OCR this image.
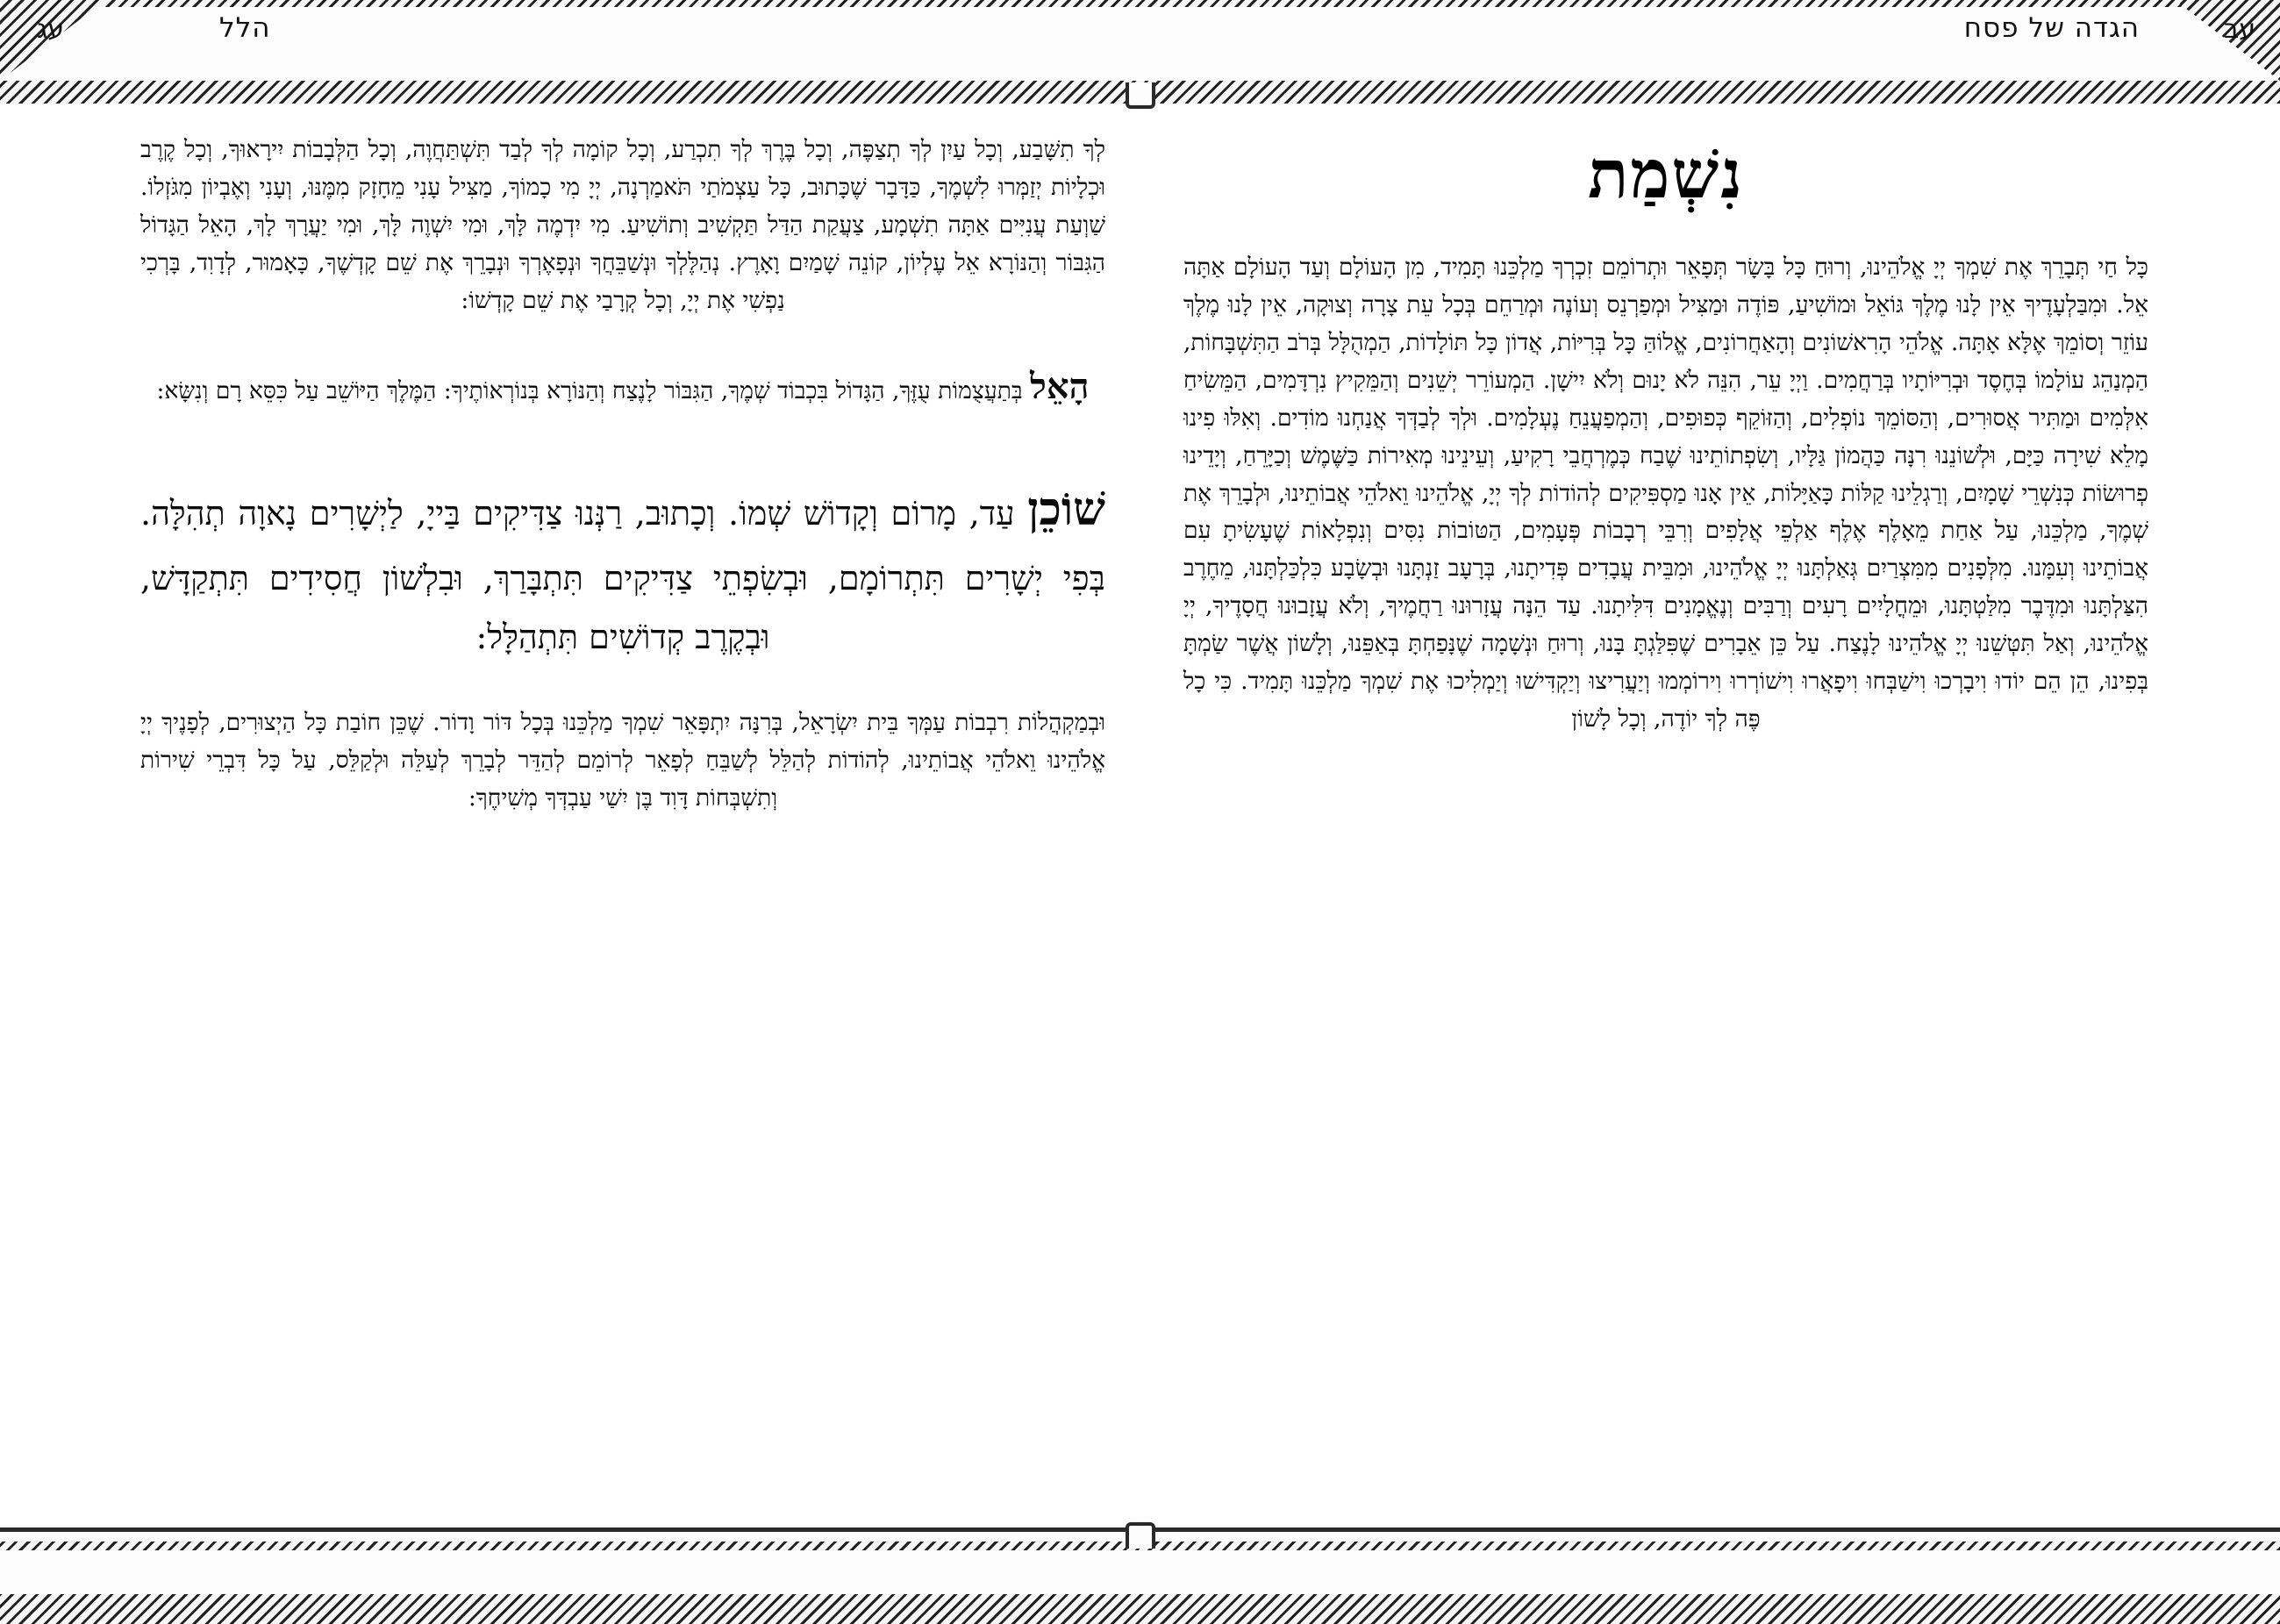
הגדה של פסח
הלל	עב
עג
נִשְׁמַת

כָּל חַי תְּבָרֵךְ אֶת שִׁמְךָ יְיָ אֱלֹהֵינוּ, וְרוּחַ כָּל בָּשָׂר תְּפָאֵר וּתְרוֹמֵם זִכְרְךָ מַלְכֵּנוּ תָּמִיד, מִן הָעוֹלָם וְעַד הָעוֹלָם אַתָּה אֵל. וּמִבַּלְעָדֶיךָ אֵין לָנוּ מֶלֶךְ גּוֹאֵל וּמוֹשִׁיעַ, פּוֹדֶה וּמַצִּיל וּמְפַרְנֵס וְעוֹנֶה וּמְרַחֵם בְּכָל עֵת צָרָה וְצוּקָה, אֵין לָנוּ מֶלֶךְ עוֹזֵר וְסוֹמֵךְ אֶלָּא אָתָּה. אֱלֹהֵי הָרִאשׁוֹנִים וְהָאַחֲרוֹנִים, אֱלוֹהַּ כָּל בְּרִיּוֹת, אֲדוֹן כָּל תּוֹלָדוֹת, הַמְהֻלָּל בְּרֹב הַתִּשְׁבָּחוֹת, הַמְנַהֵג עוֹלָמוֹ בְּחֶסֶד וּבְרִיּוֹתָיו בְּרַחֲמִים. וַיְיָ עֵר, הִנֵּה לֹא יָנוּם וְלֹא יִישָׁן. הַמְעוֹרֵר יְשֵׁנִים וְהַמֵּקִיץ נִרְדָּמִים, הַמֵּשִׂיחַ אִלְּמִים וּמַתִּיר אֲסוּרִים, וְהַסּוֹמֵךְ נוֹפְלִים, וְהַזּוֹקֵף כְּפוּפִים, וְהַמְפַעֲנֵחַ נֶעְלָמִים. וּלְךָ לְבַדְּךָ אֲנַחְנוּ מוֹדִים. וְאִלּוּ פִינוּ מָלֵא שִׁירָה כַּיָּם, וּלְשׁוֹנֵנוּ רִנָּה כַּהֲמוֹן גַּלָּיו, וְשִׂפְתוֹתֵינוּ שֶׁבַח כְּמֶרְחֲבֵי רָקִיעַ, וְעֵינֵינוּ מְאִירוֹת כַּשֶּׁמֶשׁ וְכַיָּרֵחַ, וְיָדֵינוּ פְרוּשׂוֹת כְּנִשְׁרֵי שָׁמָיִם, וְרַגְלֵינוּ קַלּוֹת כָּאַיָּלוֹת, אֵין אָנוּ מַסְפִּיקִים לְהוֹדוֹת לְךָ יְיָ, אֱלֹהֵינוּ וֵאלֹהֵי אֲבוֹתֵינוּ, וּלְבָרֵךְ אֶת שְׁמֶךָ, מַלְכֵּנוּ, עַל אַחַת מֵאָלֶף אֶלֶף אַלְפֵי אֲלָפִים וְרִבֵּי רְבָבוֹת פְּעָמִים, הַטּוֹבוֹת נִסִּים וְנִפְלָאוֹת שֶׁעָשִׂיתָ עִם אֲבוֹתֵינוּ וְעִמָּנוּ. מִלְּפָנִים מִמִּצְרַיִם גְּאַלְתָּנוּ יְיָ אֱלֹהֵינוּ, וּמִבֵּית עֲבָדִים פְּדִיתָנוּ, בְּרָעָב זַנְתָּנוּ וּבְשָׂבָע כִּלְכַּלְתָּנוּ, מֵחֶרֶב הִצַּלְתָּנוּ וּמִדֶּבֶר מִלַּטְתָּנוּ, וּמֵחֳלָיִים רָעִים וְרַבִּים וְנֶאֱמָנִים דִּלִּיתָנוּ. עַד הֵנָּה עֲזָרוּנוּ רַחֲמֶיךָ, וְלֹא עֲזָבוּנוּ חֲסָדֶיךָ, יְיָ אֱלֹהֵינוּ, וְאַל תִּטְּשֵׁנוּ יְיָ אֱלֹהֵינוּ לָנֶצַח. עַל כֵּן אֵבָרִים שֶׁפִּלַּגְתָּ בָּנוּ, וְרוּחַ וּנְשָׁמָה שֶׁנָּפַחְתָּ בְּאַפֵּנוּ, וְלָשׁוֹן אֲשֶׁר שַׂמְתָּ בְּפִינוּ, הֵן הֵם יוֹדוּ וִיבָרְכוּ וִישַׁבְּחוּ וִיפָאֲרוּ וִישׁוֹרְרוּ וִירוֹמְמוּ וְיַעֲרִיצוּ וְיַקְדִּישׁוּ וְיַמְלִיכוּ אֶת שִׁמְךָ מַלְכֵּנוּ תָּמִיד. כִּי כָל פֶּה לְךָ יוֹדֶה, וְכָל לָשׁוֹן

לְךָ תִשָּׁבַע, וְכָל עַיִן לְךָ תְצַפֶּה, וְכָל בֶּרֶךְ לְךָ תִכְרַע, וְכָל קוֹמָה לְךָ לְבַד תִּשְׁתַּחֲוֶה, וְכָל הַלְּבָבוֹת יִירָאוּךָ, וְכָל קֶרֶב וּכְלָיוֹת יְזַמְּרוּ לִשְׁמֶךָ, כַּדָּבָר שֶׁכָּתוּב, כָּל עַצְמֹתַי תֹּאמַרְנָה, יְיָ מִי כָמוֹךָ, מַצִּיל עָנִי מֵחָזָק מִמֶּנּוּ, וְעָנִי וְאֶבְיוֹן מִגֹּזְלוֹ. שַׁוְעַת עֲנִיִּים אַתָּה תִשְׁמָע, צַעֲקַת הַדַּל תַּקְשִׁיב וְתוֹשִׁיעַ. מִי יִדְמֶה לָּךְ, וּמִי יִשְׁוֶה לָּךְ, וּמִי יַעֲרָךְ לָךְ, הָאֵל הַגָּדוֹל הַגִּבּוֹר וְהַנּוֹרָא אֵל עֶלְיוֹן, קוֹנֵה שָׁמַיִם וָאָרֶץ. נְהַלֶּלְךָ וּנְשַׁבֵּחֲךָ וּנְפָאֶרְךָ וּנְבָרֵךְ אֶת שֵׁם קָדְשֶׁךָ, כָּאָמוּר, לְדָוִד, בָּרְכִי נַפְשִׁי אֶת יְיָ, וְכָל קְרָבַי אֶת שֵׁם קָדְשׁוֹ:

הָאֵל בְּתַעֲצֻמוֹת עֻזֶּךָ, הַגָּדוֹל בִּכְבוֹד שְׁמֶךָ, הַגִּבּוֹר לָנֶצַח וְהַנּוֹרָא בְּנוֹרְאוֹתֶיךָ: הַמֶּלֶךְ הַיּוֹשֵׁב עַל כִּסֵּא רָם וְנִשָּׂא:

שׁוֹכֵן עַד, מָרוֹם וְקָדוֹשׁ שְׁמוֹ. וְכָתוּב, רַנְּנוּ צַדִּיקִים בַּייָ, לַיְשָׁרִים נָאוָה תְהִלָּה. בְּפִי יְשָׁרִים תִּתְרוֹמָם, וּבְשִׂפְתֵי צַדִּיקִים תִּתְבָּרַךְ, וּבִלְשׁוֹן חֲסִידִים תִּתְקַדָּשׁ, וּבְקֶרֶב קְדוֹשִׁים תִּתְהַלָּל:

וּבְמַקְהֲלוֹת רִבְבוֹת עַמְּךָ בֵּית יִשְׂרָאֵל, בְּרִנָּה יִתְפָּאֵר שִׁמְךָ מַלְכֵּנוּ בְּכָל דּוֹר וָדוֹר. שֶׁכֵּן חוֹבַת כָּל הַיְצוּרִים, לְפָנֶיךָ יְיָ אֱלֹהֵינוּ וֵאלֹהֵי אֲבוֹתֵינוּ, לְהוֹדוֹת לְהַלֵּל לְשַׁבֵּחַ לְפָאֵר לְרוֹמֵם לְהַדֵּר לְבָרֵךְ לְעַלֵּה וּלְקַלֵּס, עַל כָּל דִּבְרֵי שִׁירוֹת וְתִשְׁבְּחוֹת דָּוִד בֶּן יִשַׁי עַבְדְּךָ מְשִׁיחֶךָ:
